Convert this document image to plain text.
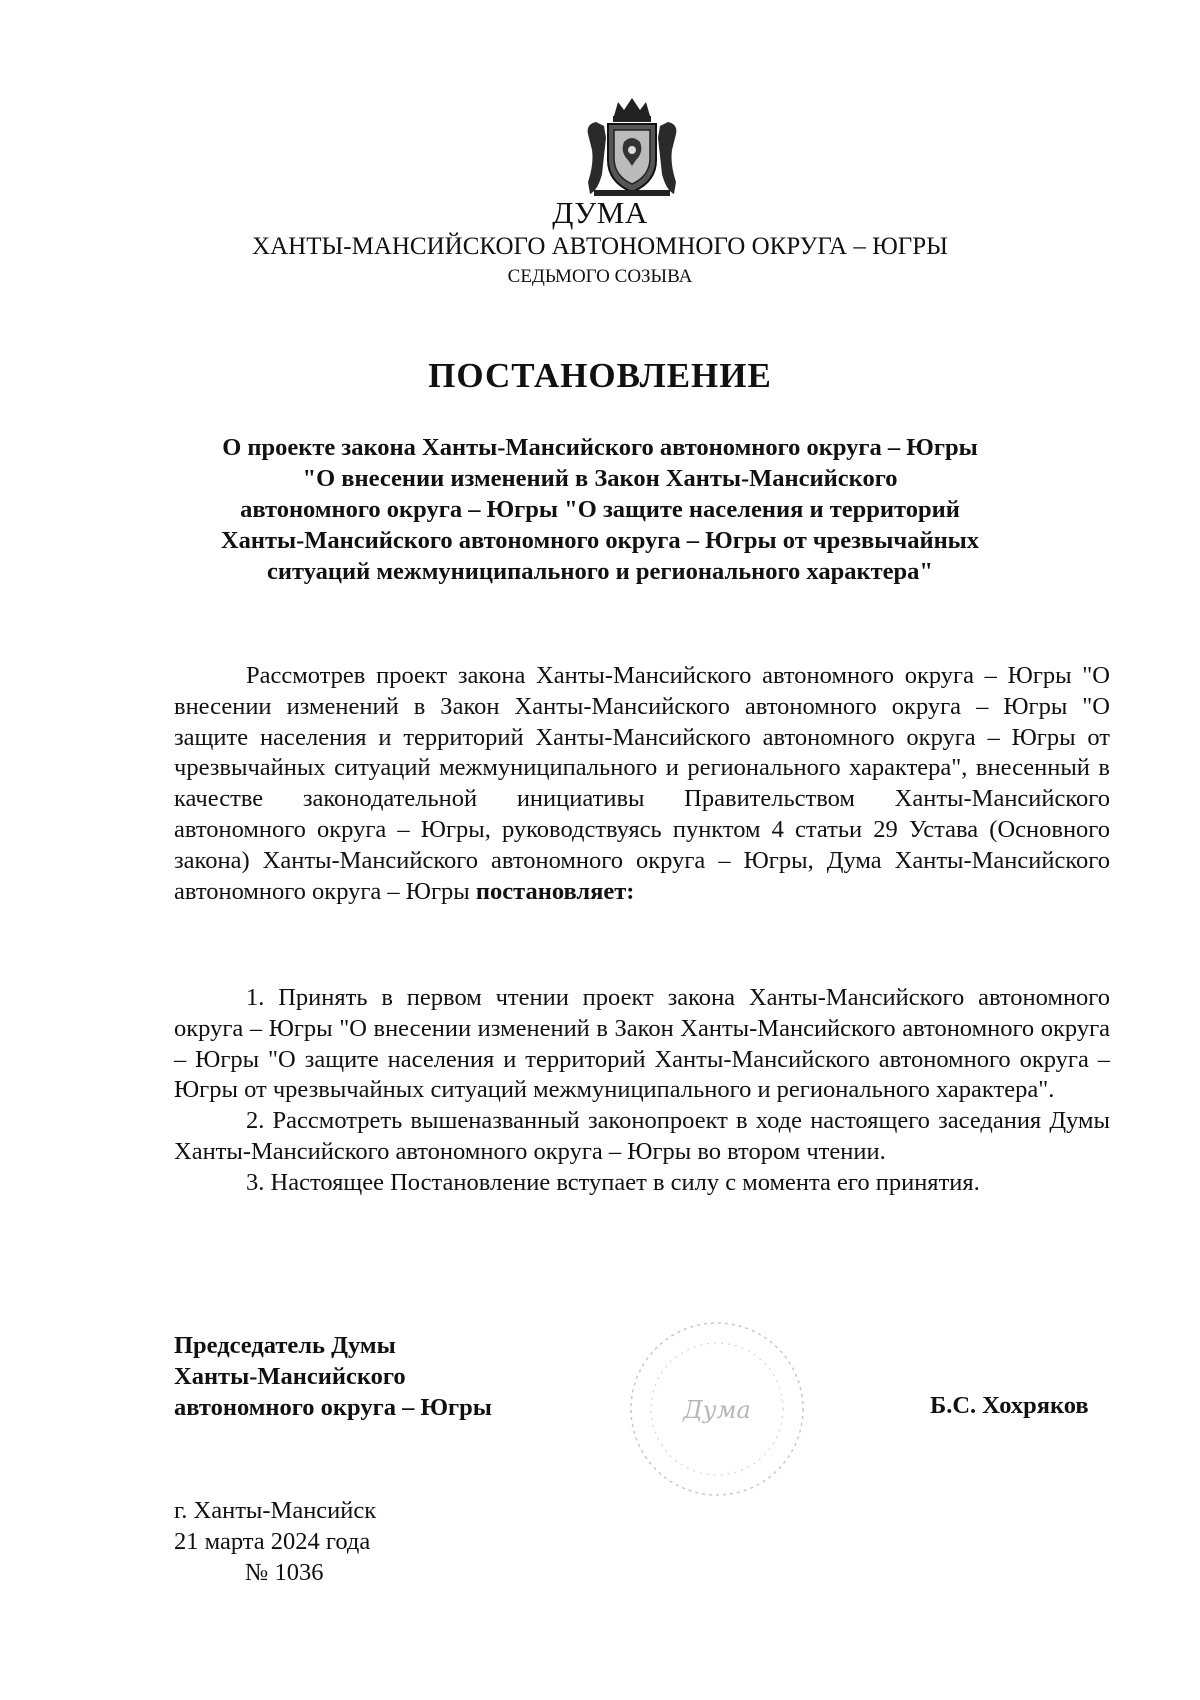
ДУМА
ХАНТЫ-МАНСИЙСКОГО АВТОНОМНОГО ОКРУГА – ЮГРЫ
СЕДЬМОГО СОЗЫВА
ПОСТАНОВЛЕНИЕ
О проекте закона Ханты-Мансийского автономного округа – Югры
"О внесении изменений в Закон Ханты-Мансийского
автономного округа – Югры "О защите населения и территорий
Ханты-Мансийского автономного округа – Югры от чрезвычайных
ситуаций межмуниципального и регионального характера"

Рассмотрев проект закона Ханты-Мансийского автономного округа – Югры "О внесении изменений в Закон Ханты-Мансийского автономного округа – Югры "О защите населения и территорий Ханты-Мансийского автономного округа – Югры от чрезвычайных ситуаций межмуниципального и регионального характера", внесенный в качестве законодательной инициативы Правительством Ханты-Мансийского автономного округа – Югры, руководствуясь пунктом 4 статьи 29 Устава (Основного закона) Ханты-Мансийского автономного округа – Югры, Дума Ханты-Мансийского автономного округа – Югры постановляет:

1. Принять в первом чтении проект закона Ханты-Мансийского автономного округа – Югры "О внесении изменений в Закон Ханты-Мансийского автономного округа – Югры "О защите населения и территорий Ханты-Мансийского автономного округа – Югры от чрезвычайных ситуаций межмуниципального и регионального характера".

2. Рассмотреть вышеназванный законопроект в ходе настоящего заседания Думы Ханты-Мансийского автономного округа – Югры во втором чтении.

3. Настоящее Постановление вступает в силу с момента его принятия.

Председатель Думы
Ханты-Мансийского
автономного округа – Югры	Дума	Б.С. Хохряков
г. Ханты-Мансийск
21 марта 2024 года
№ 1036
